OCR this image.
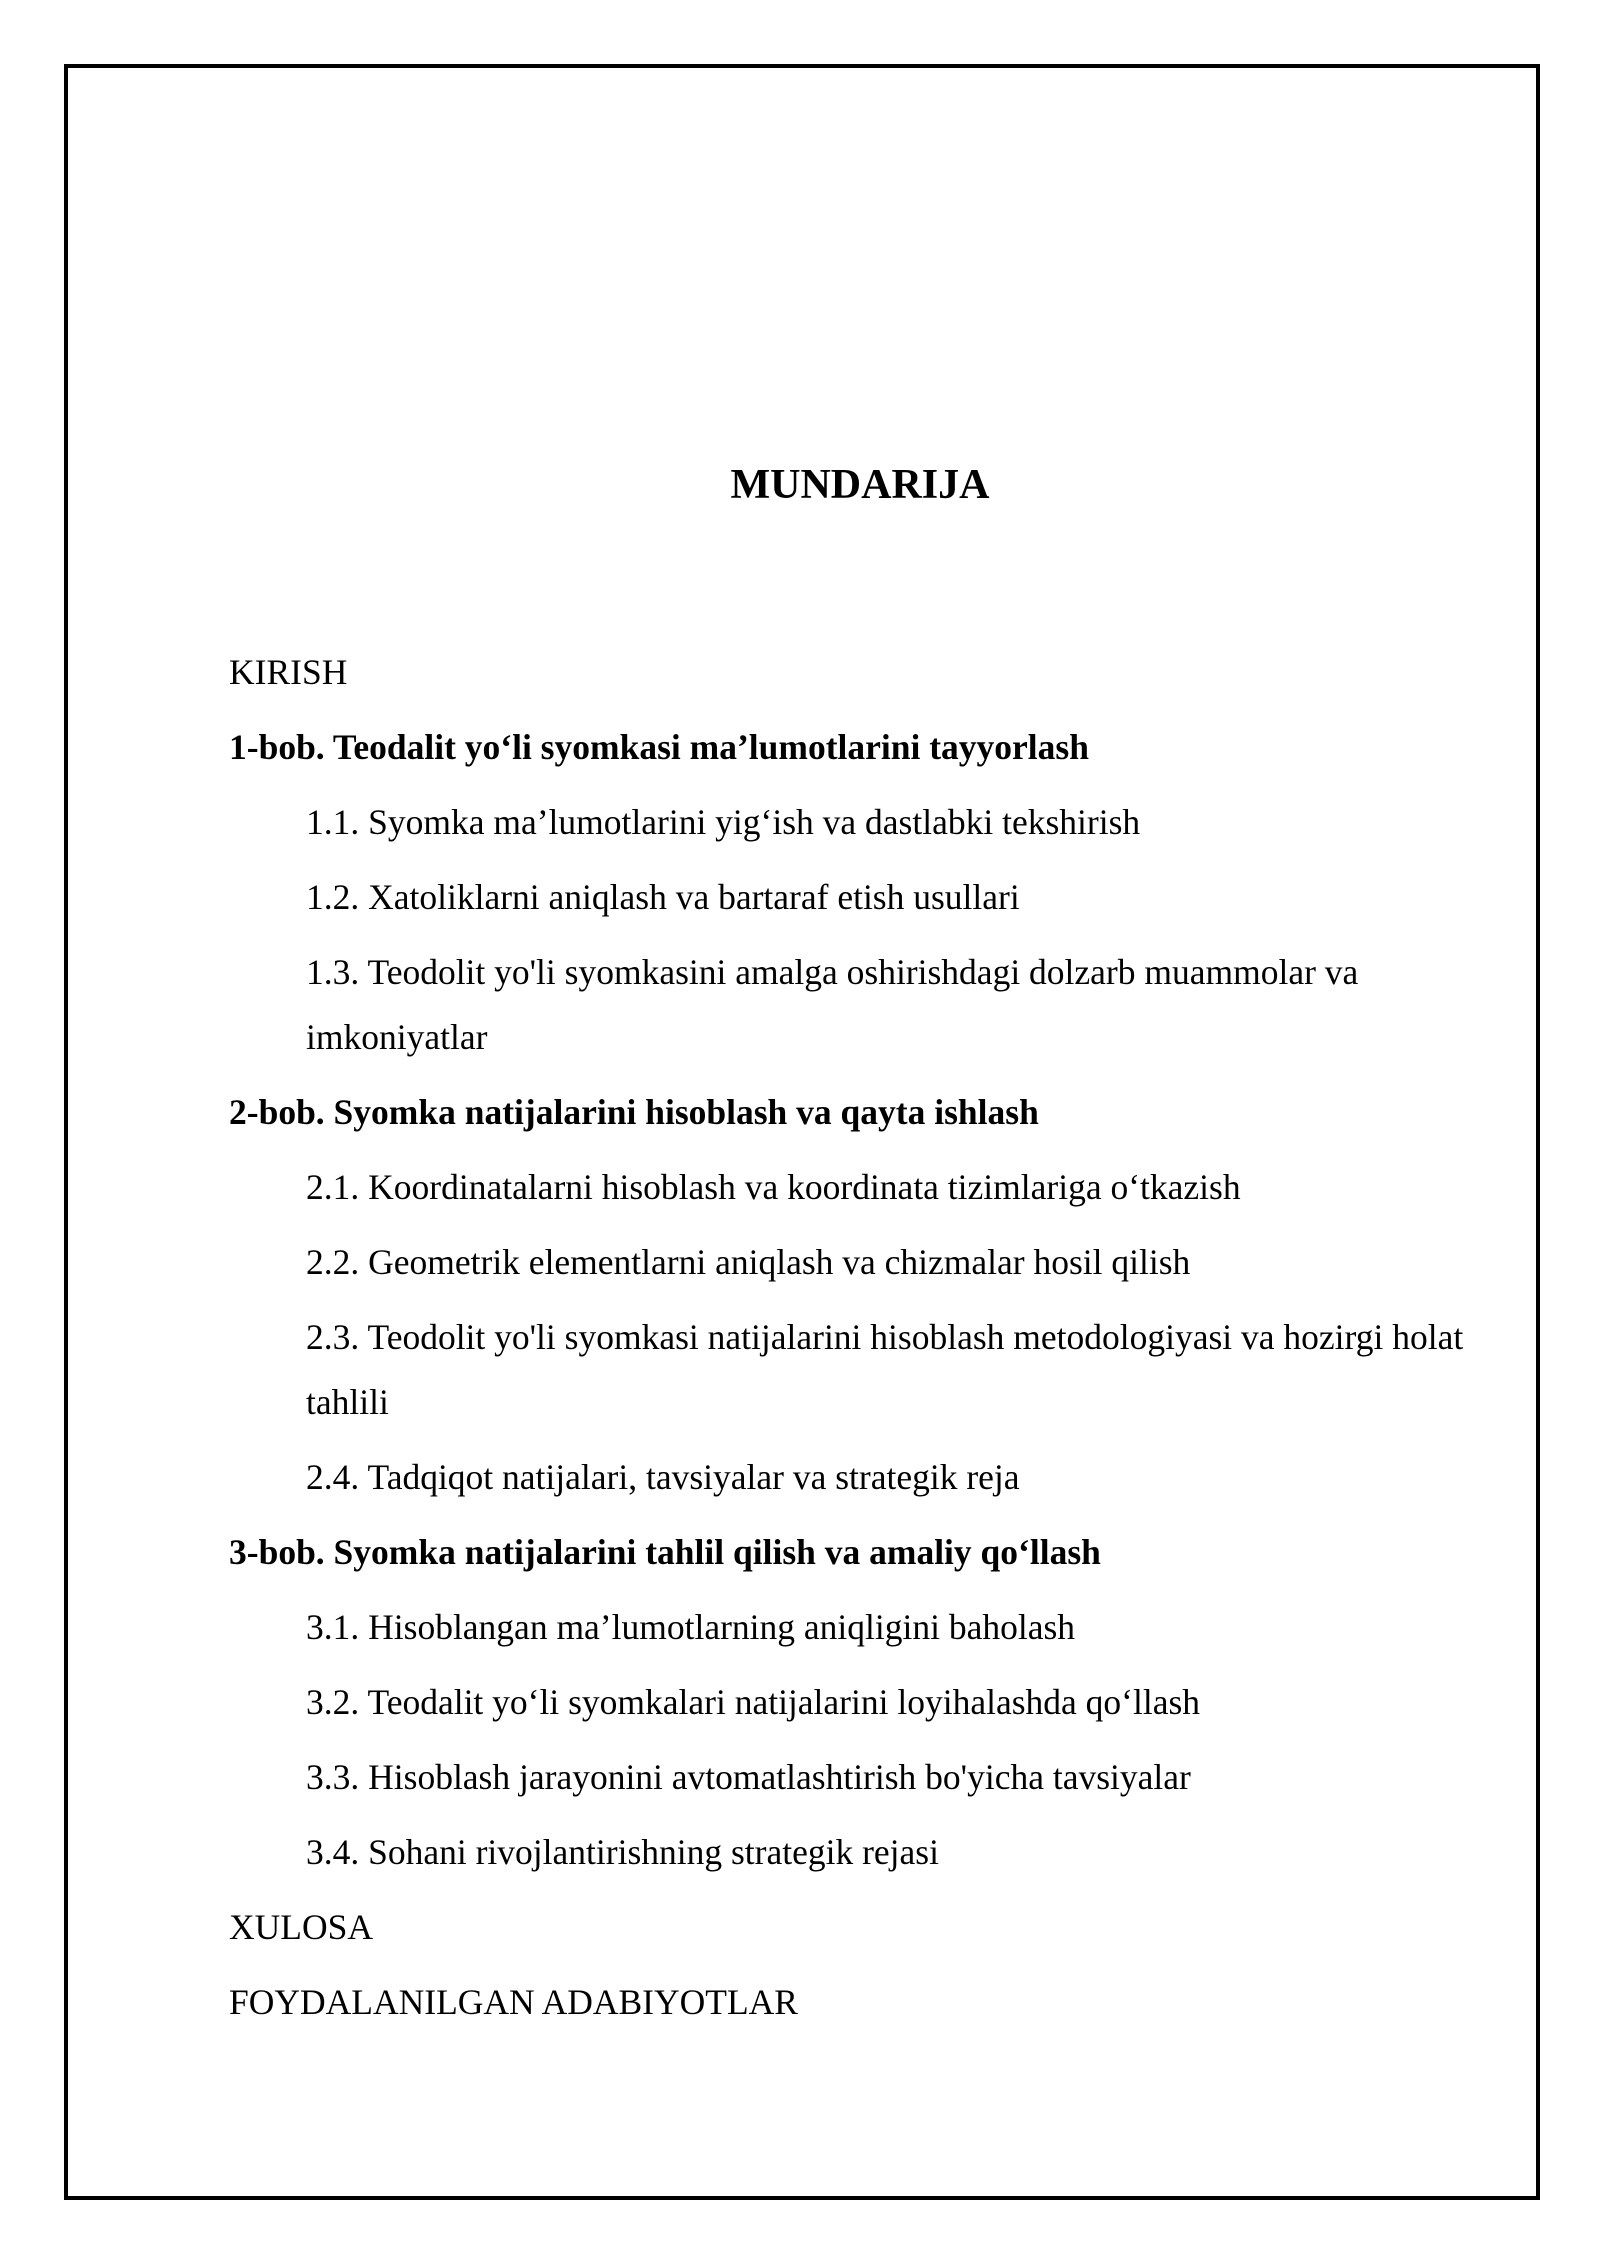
MUNDARIJA

KIRISH

1-bob. Teodalit yo‘li syomkasi ma’lumotlarini tayyorlash

1.1. Syomka ma’lumotlarini yig‘ish va dastlabki tekshirish

1.2. Xatoliklarni aniqlash va bartaraf etish usullari

1.3. Teodolit yo'li syomkasini amalga oshirishdagi dolzarb muammolar va imkoniyatlar

2-bob. Syomka natijalarini hisoblash va qayta ishlash

2.1. Koordinatalarni hisoblash va koordinata tizimlariga o‘tkazish

2.2. Geometrik elementlarni aniqlash va chizmalar hosil qilish

2.3. Teodolit yo'li syomkasi natijalarini hisoblash metodologiyasi va hozirgi holat tahlili

2.4. Tadqiqot natijalari, tavsiyalar va strategik reja

3-bob. Syomka natijalarini tahlil qilish va amaliy qo‘llash

3.1. Hisoblangan ma’lumotlarning aniqligini baholash

3.2. Teodalit yo‘li syomkalari natijalarini loyihalashda qo‘llash

3.3. Hisoblash jarayonini avtomatlashtirish bo'yicha tavsiyalar

3.4. Sohani rivojlantirishning strategik rejasi

XULOSA

FOYDALANILGAN ADABIYOTLAR
